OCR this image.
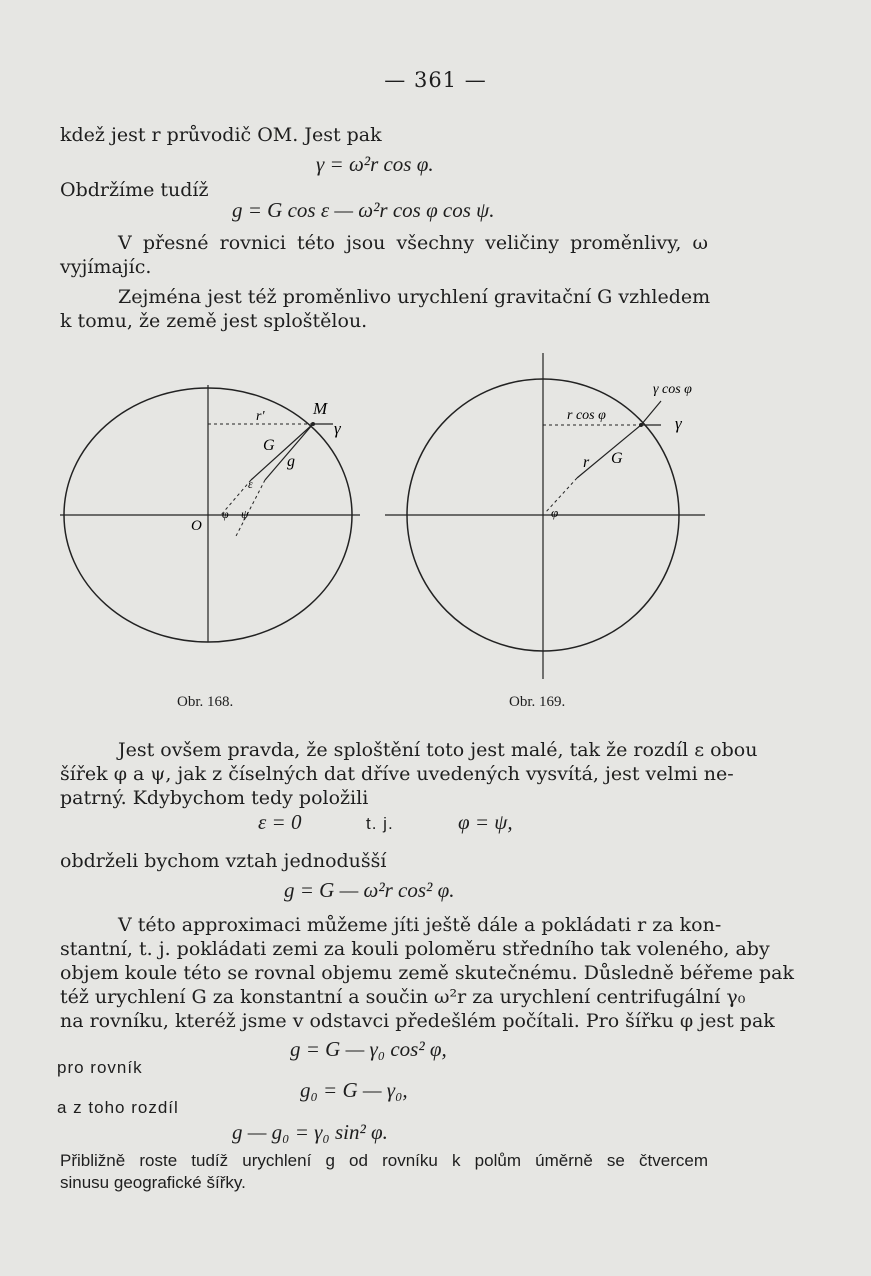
— 361 —
kdež jest r průvodič OM. Jest pak
γ = ω²r cos φ.
Obdržíme tudíž
g = G cos ε — ω²r cos φ cos ψ.
V přesné rovnici této jsou všechny veličiny proměnlivy, ω
vyjímajíc.
Zejména jest též proměnlivo urychlení gravitační G vzhledem
k tomu, že země jest sploštělou.
r'	M
γ
G
g
O
φ ψ
ε
r cos φ
γ cos φ
γ
r G
φ
Obr. 168.	Obr. 169.
Jest ovšem pravda, že sploštění toto jest malé, tak že rozdíl ε obou
šířek φ a ψ, jak z číselných dat dříve uvedených vysvítá, jest velmi ne-
patrný. Kdybychom tedy položili
ε = 0	t. j.	φ = ψ,
obdrželi bychom vztah jednodušší
g = G — ω²r cos² φ.
V této approximaci můžeme jíti ještě dále a pokládati r za kon-
stantní, t. j. pokládati zemi za kouli poloměru středního tak voleného, aby
objem koule této se rovnal objemu země skutečnému. Důsledně béřeme pak
též urychlení G za konstantní a součin ω²r za urychlení centrifugální γ₀
na rovníku, kteréž jsme v odstavci předešlém počítali. Pro šířku φ jest pak
g = G — γ₀ cos² φ,
pro rovník
g₀ = G — γ₀,
a z toho rozdíl
g — g₀ = γ₀ sin² φ.
Přibližně roste tudíž urychlení g od rovníku k polům úměrně se čtvercem
sinusu geografické šířky.
